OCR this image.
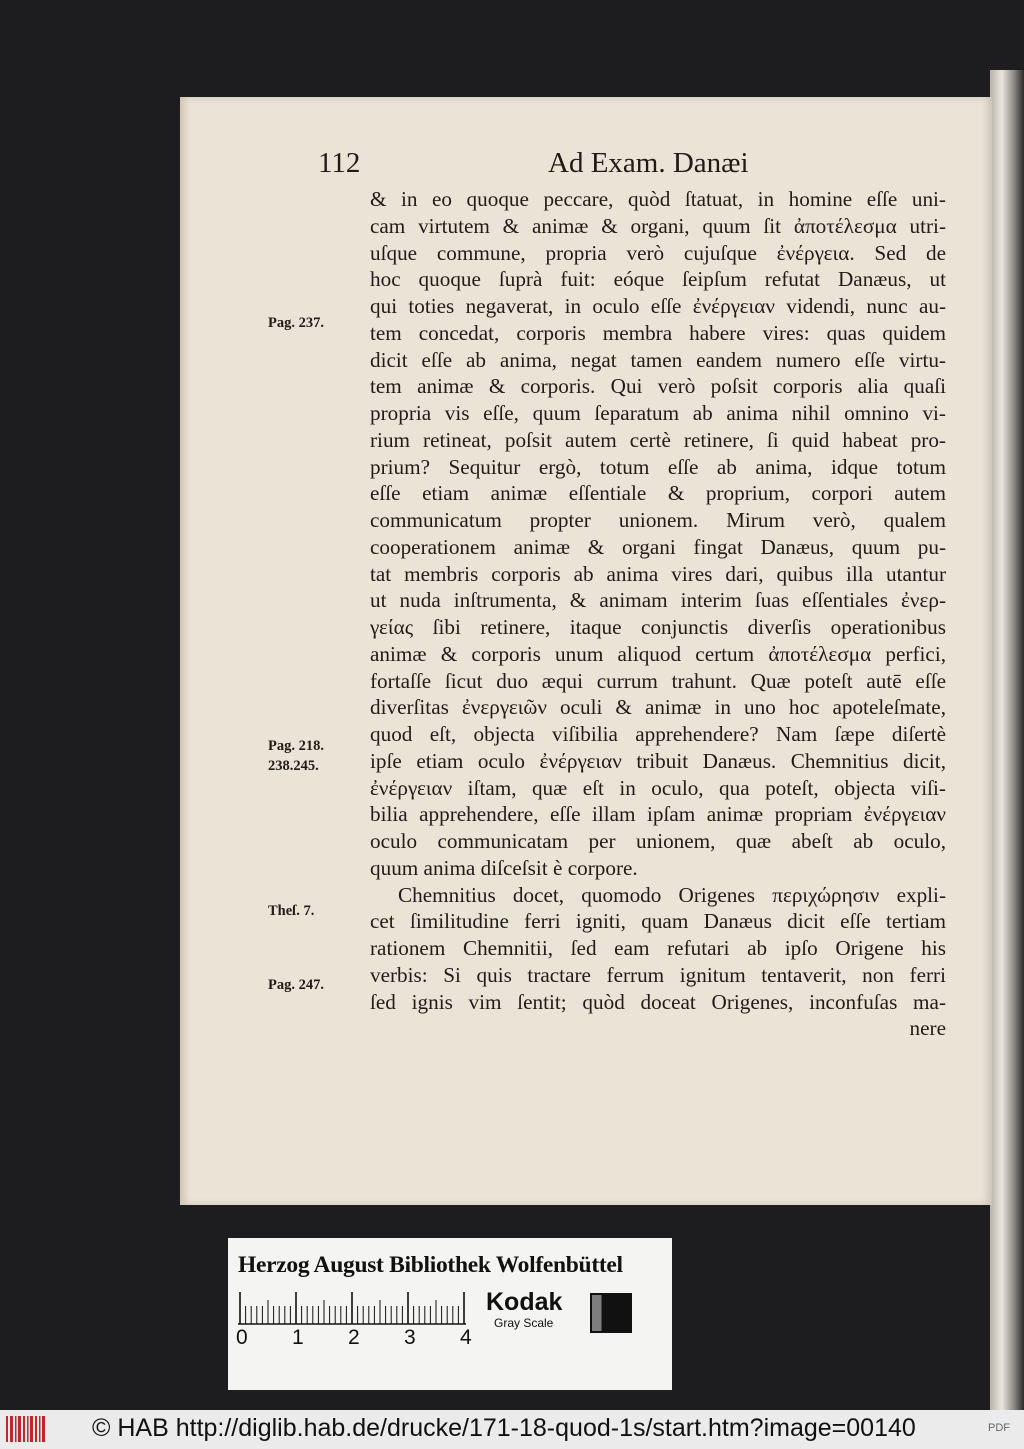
112	Ad Exam. Danæi
& in eo quoque peccare, quòd ſtatuat, in homine eſſe uni-
cam virtutem & animæ & organi, quum ſit ἀποτέλεσμα utri-
uſque commune, propria verò cujuſque ἐνέργεια. Sed de
hoc quoque ſuprà fuit: eóque ſeipſum refutat Danæus, ut
qui toties negaverat, in oculo eſſe ἐνέργειαν videndi, nunc au-
tem concedat, corporis membra habere vires: quas quidem
dicit eſſe ab anima, negat tamen eandem numero eſſe virtu-
tem animæ & corporis. Qui verò poſsit corporis alia quaſi
propria vis eſſe, quum ſeparatum ab anima nihil omnino vi-
rium retineat, poſsit autem certè retinere, ſi quid habeat pro-
prium? Sequitur ergò, totum eſſe ab anima, idque totum
eſſe etiam animæ eſſentiale & proprium, corpori autem
communicatum propter unionem. Mirum verò, qualem
cooperationem animæ & organi fingat Danæus, quum pu-
tat membris corporis ab anima vires dari, quibus illa utantur
ut nuda inſtrumenta, & animam interim ſuas eſſentiales ἐνερ-
γείας ſibi retinere, itaque conjunctis diverſis operationibus
animæ & corporis unum aliquod certum ἀποτέλεσμα perfici,
fortaſſe ſicut duo æqui currum trahunt. Quæ poteſt autē eſſe
diverſitas ἐνεργειῶν oculi & animæ in uno hoc apoteleſmate,
quod eſt, objecta viſibilia apprehendere? Nam ſæpe diſertè
ipſe etiam oculo ἐνέργειαν tribuit Danæus. Chemnitius dicit,
ἐνέργειαν iſtam, quæ eſt in oculo, qua poteſt, objecta viſi-
bilia apprehendere, eſſe illam ipſam animæ propriam ἐνέργειαν
oculo communicatam per unionem, quæ abeſt ab oculo,
quum anima diſceſsit è corpore.
Chemnitius docet, quomodo Origenes περιχώρησιν expli-
cet ſimilitudine ferri igniti, quam Danæus dicit eſſe tertiam
rationem Chemnitii, ſed eam refutari ab ipſo Origene his
verbis: Si quis tractare ferrum ignitum tentaverit, non ferri
ſed ignis vim ſentit; quòd doceat Origenes, inconfuſas ma-
nere
Pag. 237.
Pag. 218.
238.245.
Theſ. 7.
Pag. 247.
Herzog August Bibliothek Wolfenbüttel
0 1 2 3 4
Kodak
Gray Scale
© HAB http://diglib.hab.de/drucke/171-18-quod-1s/start.htm?image=00140	PDF
